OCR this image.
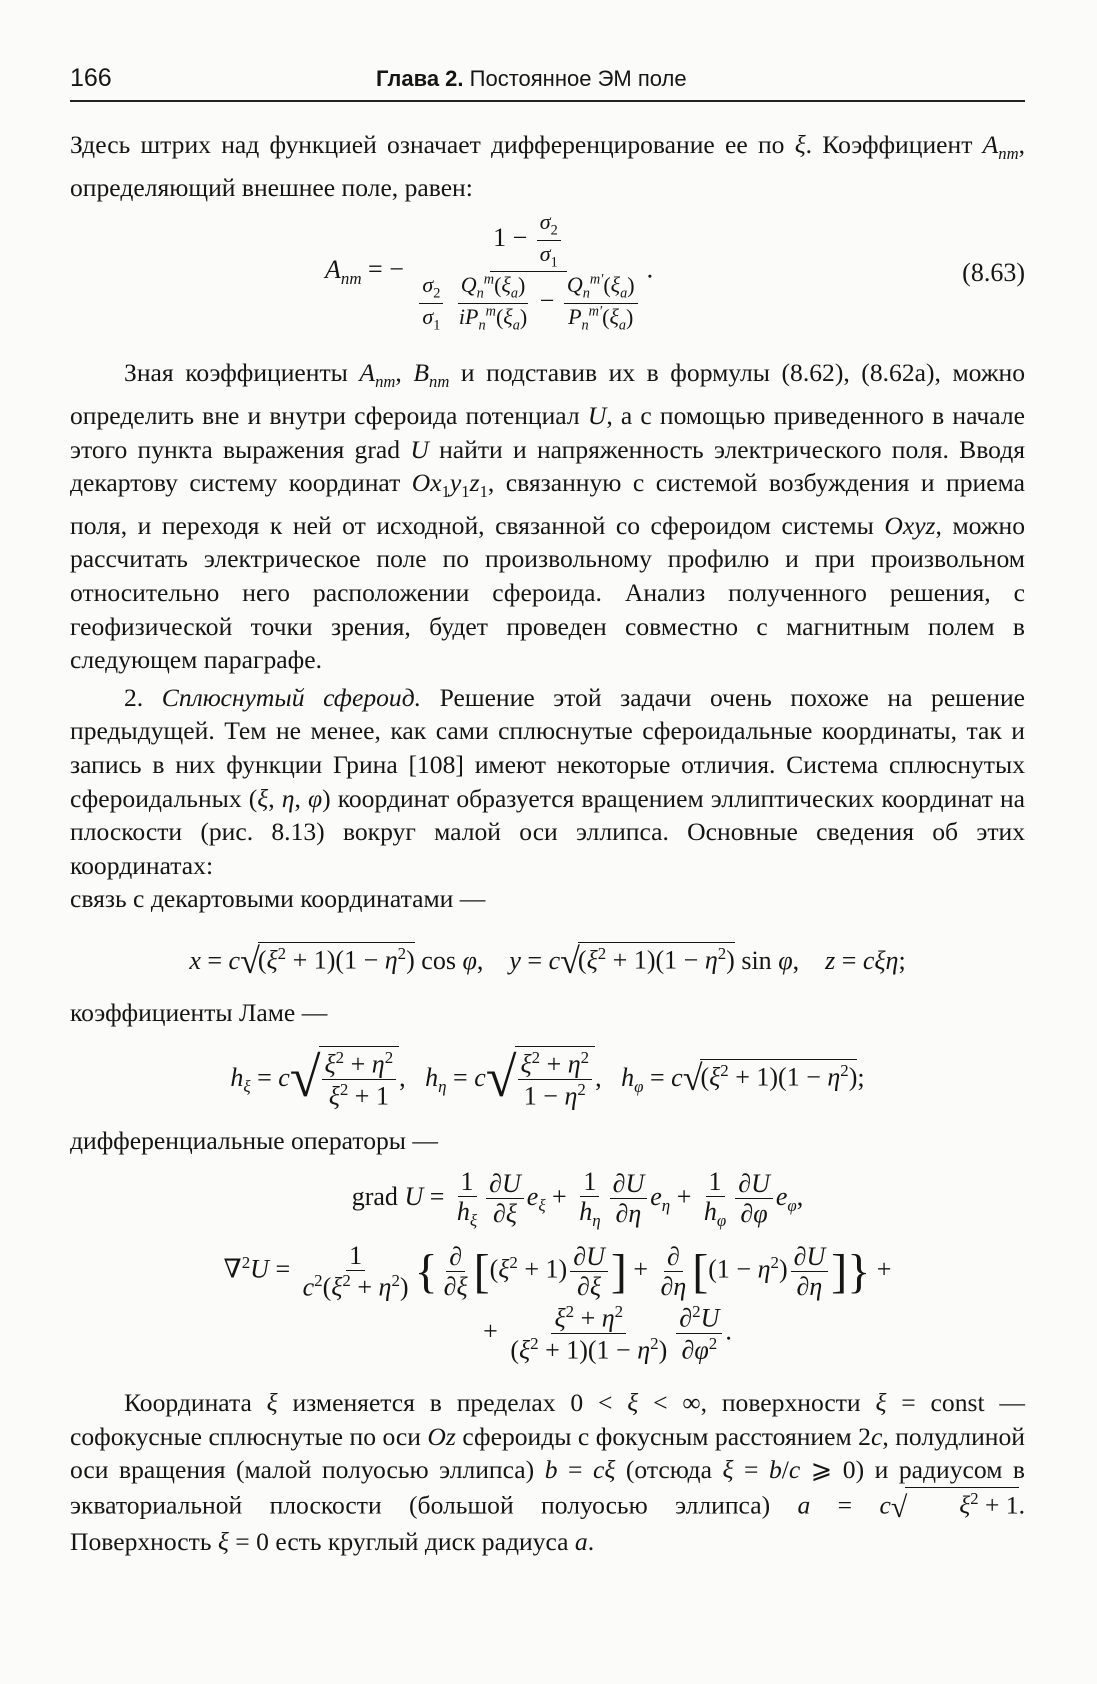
166	Глава 2. Постоянное ЭМ поле

Здесь штрих над функцией означает дифференцирование ее по ξ. Коэффициент $A_{nm}$, определяющий внешнее поле, равен:

$A_{nm}$ = −
$1 - \frac{\sigma_2}{\sigma_1}$
$\frac{\sigma_2}{\sigma_1}$
$\frac{Q_n^m(\xi_a)}{iP_n^m(\xi_a)} - \frac{Q_n^{m'}(\xi_a)}{P_n^{m'}(\xi_a)}$
.	(8.63)

Зная коэффициенты $A_{nm}$, $B_{nm}$ и подставив их в формулы (8.62), (8.62а), можно определить вне и внутри сфероида потенциал U, а с помощью приведенного в начале этого пункта выражения grad U найти и напряженность электрического поля. Вводя декартову систему координат $Ox_1y_1z_1$, связанную с системой возбуждения и приема поля, и переходя к ней от исходной, связанной со сфероидом системы Oxyz, можно рассчитать электрическое поле по произвольному профилю и при произвольном относительно него расположении сфероида. Анализ полученного решения, с геофизической точки зрения, будет проведен совместно с магнитным полем в следующем параграфе.

2. Сплюснутый сфероид. Решение этой задачи очень похоже на решение предыдущей. Тем не менее, как сами сплюснутые сфероидальные координаты, так и запись в них функции Грина [108] имеют некоторые отличия. Система сплюснутых сфероидальных (ξ, η, φ) координат образуется вращением эллиптических координат на плоскости (рис. 8.13) вокруг малой оси эллипса. Основные сведения об этих координатах:

связь с декартовыми координатами —

$x = c√(\xi^2 + 1)(1 - \eta^2)$ cos φ,    $y = c√(\xi^2 + 1)(1 - \eta^2)$ sin φ,    z = cξη;

коэффициенты Ламе —

$h_\xi = c√ \frac{\xi^2 + \eta^2}{\xi^2 + 1}$ ,   $h_\eta = c√ \frac{\xi^2 + \eta^2}{1 - \eta^2}$ ,   $h_\varphi = c√(\xi^2 + 1)(1 - \eta^2)$;

дифференциальные операторы —

grad $U = \frac{1}{h_\xi} \frac{\partial U}{\partial\xi} e_\xi + \frac{1}{h_\eta} \frac{\partial U}{\partial\eta} e_\eta + \frac{1}{h_\varphi} \frac{\partial U}{\partial\varphi} e_\varphi$,
$\nabla^2U = \frac{1}{c^2(\xi^2 + \eta^2)}$ { $\frac{\partial}{\partial\xi} [(\xi^2 + 1) \frac{\partial U}{\partial\xi}$ ] + $\frac{\partial}{\partial\eta} [(1 - \eta^2) \frac{\partial U}{\partial\eta}$ ]} +
+ $\frac{\xi^2 + \eta^2}{(\xi^2 + 1)(1 - \eta^2)} \frac{\partial^2U}{\partial\varphi^2}$ .

Координата ξ изменяется в пределах 0 < ξ < ∞, поверхности ξ = const — софокусные сплюснутые по оси Oz сфероиды с фокусным расстоянием 2c, полудлиной оси вращения (малой полуосью эллипса) b = cξ (отсюда ξ = b/c ⩾ 0) и радиусом в экваториальной плоскости (большой полуосью эллипса) a = c√ $\xi^2 + 1$. Поверхность ξ = 0 есть круглый диск радиуса a.
